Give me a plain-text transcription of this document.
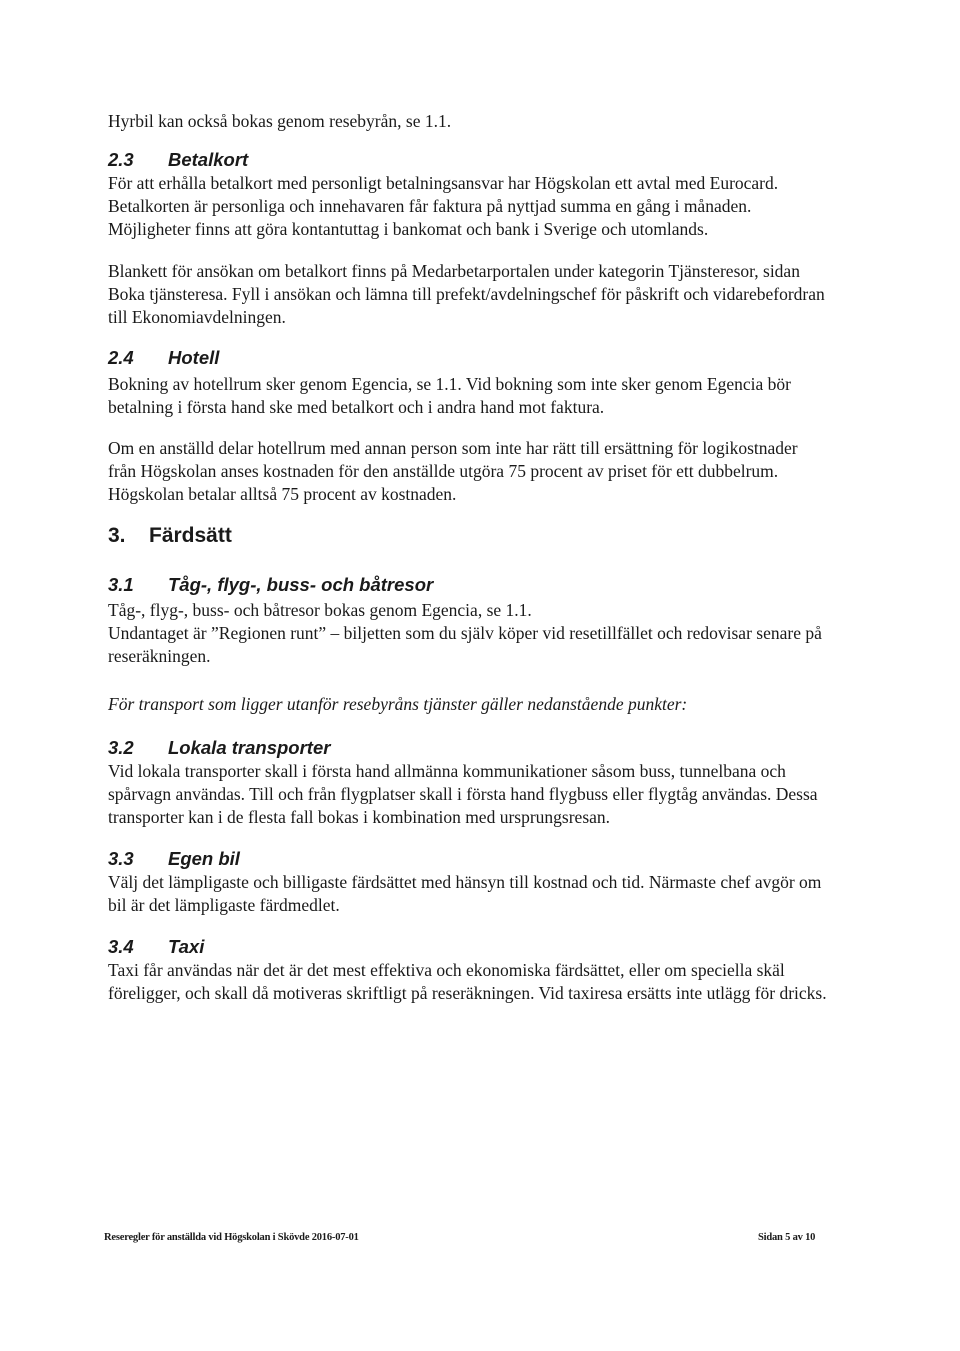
Hyrbil kan också bokas genom resebyrån, se 1.1.

2.3 Betalkort

För att erhålla betalkort med personligt betalningsansvar har Högskolan ett avtal med Eurocard. Betalkorten är personliga och innehavaren får faktura på nyttjad summa en gång i månaden. Möjligheter finns att göra kontantuttag i bankomat och bank i Sverige och utomlands.

Blankett för ansökan om betalkort finns på Medarbetarportalen under kategorin Tjänsteresor, sidan Boka tjänsteresa. Fyll i ansökan och lämna till prefekt/avdelningschef för påskrift och vidarebefordran till Ekonomiavdelningen.

2.4 Hotell

Bokning av hotellrum sker genom Egencia, se 1.1. Vid bokning som inte sker genom Egencia bör betalning i första hand ske med betalkort och i andra hand mot faktura.

Om en anställd delar hotellrum med annan person som inte har rätt till ersättning för logikostnader från Högskolan anses kostnaden för den anställde utgöra 75 procent av priset för ett dubbelrum. Högskolan betalar alltså 75 procent av kostnaden.

3. Färdsätt
3.1 Tåg-, flyg-, buss- och båtresor

Tåg-, flyg-, buss- och båtresor bokas genom Egencia, se 1.1.

Undantaget är ”Regionen runt” – biljetten som du själv köper vid resetillfället och redovisar senare på reseräkningen.

För transport som ligger utanför resebyråns tjänster gäller nedanstående punkter:

3.2 Lokala transporter

Vid lokala transporter skall i första hand allmänna kommunikationer såsom buss, tunnelbana och spårvagn användas. Till och från flygplatser skall i första hand flygbuss eller flygtåg användas. Dessa transporter kan i de flesta fall bokas i kombination med ursprungsresan.

3.3 Egen bil

Välj det lämpligaste och billigaste färdsättet med hänsyn till kostnad och tid. Närmaste chef avgör om bil är det lämpligaste färdmedlet.

3.4 Taxi

Taxi får användas när det är det mest effektiva och ekonomiska färdsättet, eller om speciella skäl föreligger, och skall då motiveras skriftligt på reseräkningen. Vid taxiresa ersätts inte utlägg för dricks.

Reseregler för anställda vid Högskolan i Skövde 2016-07-01	Sidan 5 av 10
